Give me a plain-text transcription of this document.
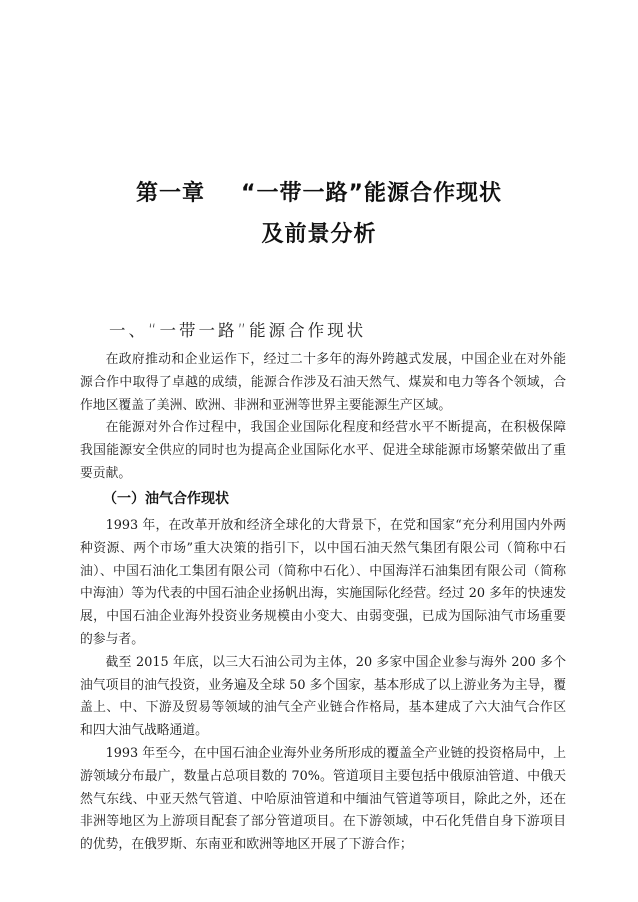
第一章 “一带一路”能源合作现状
及前景分析
一、“一带一路”能源合作现状

在政府推动和企业运作下，经过二十多年的海外跨越式发展，中国企业在对外能源合作中取得了卓越的成绩，能源合作涉及石油天然气、煤炭和电力等各个领域，合作地区覆盖了美洲、欧洲、非洲和亚洲等世界主要能源生产区域。

在能源对外合作过程中，我国企业国际化程度和经营水平不断提高，在积极保障我国能源安全供应的同时也为提高企业国际化水平、促进全球能源市场繁荣做出了重要贡献。

（一）油气合作现状

1993 年，在改革开放和经济全球化的大背景下，在党和国家“充分利用国内外两种资源、两个市场”重大决策的指引下，以中国石油天然气集团有限公司（简称中石油）、中国石油化工集团有限公司（简称中石化）、中国海洋石油集团有限公司（简称中海油）等为代表的中国石油企业扬帆出海，实施国际化经营。经过 20 多年的快速发展，中国石油企业海外投资业务规模由小变大、由弱变强，已成为国际油气市场重要的参与者。

截至 2015 年底，以三大石油公司为主体，20 多家中国企业参与海外 200 多个油气项目的油气投资，业务遍及全球 50 多个国家，基本形成了以上游业务为主导，覆盖上、中、下游及贸易等领域的油气全产业链合作格局，基本建成了六大油气合作区和四大油气战略通道。

1993 年至今，在中国石油企业海外业务所形成的覆盖全产业链的投资格局中，上游领域分布最广，数量占总项目数的 70%。管道项目主要包括中俄原油管道、中俄天然气东线、中亚天然气管道、中哈原油管道和中缅油气管道等项目，除此之外，还在非洲等地区为上游项目配套了部分管道项目。在下游领域，中石化凭借自身下游项目的优势，在俄罗斯、东南亚和欧洲等地区开展了下游合作；
